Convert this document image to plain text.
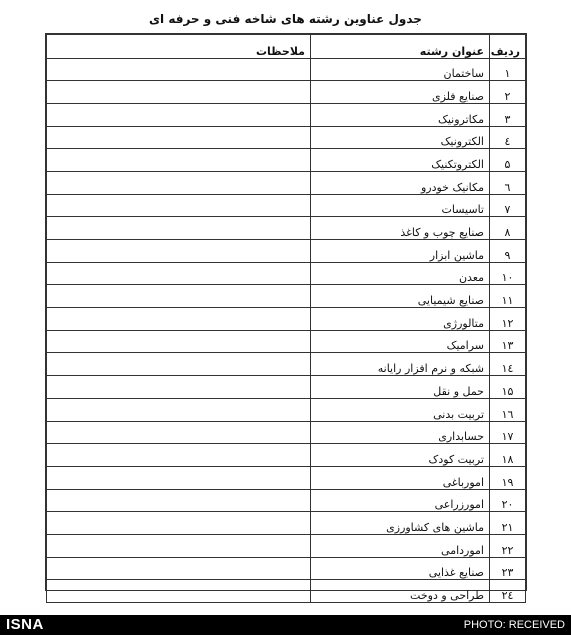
جدول عناوین رشته های شاخه فنی و حرفه ای
ردیف	عنوان رشته	ملاحظات
۱	ساختمان	
۲	صنایع فلزی	
۳	مکاترونیک	
٤	الکترونیک	
۵	الکتروتکنیک	
٦	مکانیک خودرو	
۷	تاسیسات	
۸	صنایع چوب و کاغذ	
۹	ماشین ابزار	
۱۰	معدن	
۱۱	صنایع شیمیایی	
۱۲	متالورژی	
۱۳	سرامیک	
۱٤	شبکه و نرم افزار رایانه	
۱۵	حمل و نقل	
۱٦	تربیت بدنی	
۱۷	حسابداری	
۱۸	تربیت کودک	
۱۹	امورباغی	
۲۰	امورزراعی	
۲۱	ماشین های کشاورزی	
۲۲	اموردامی	
۲۳	صنایع غذایی	
۲٤	طراحی و دوخت	
ISNA	PHOTO: RECEIVED
